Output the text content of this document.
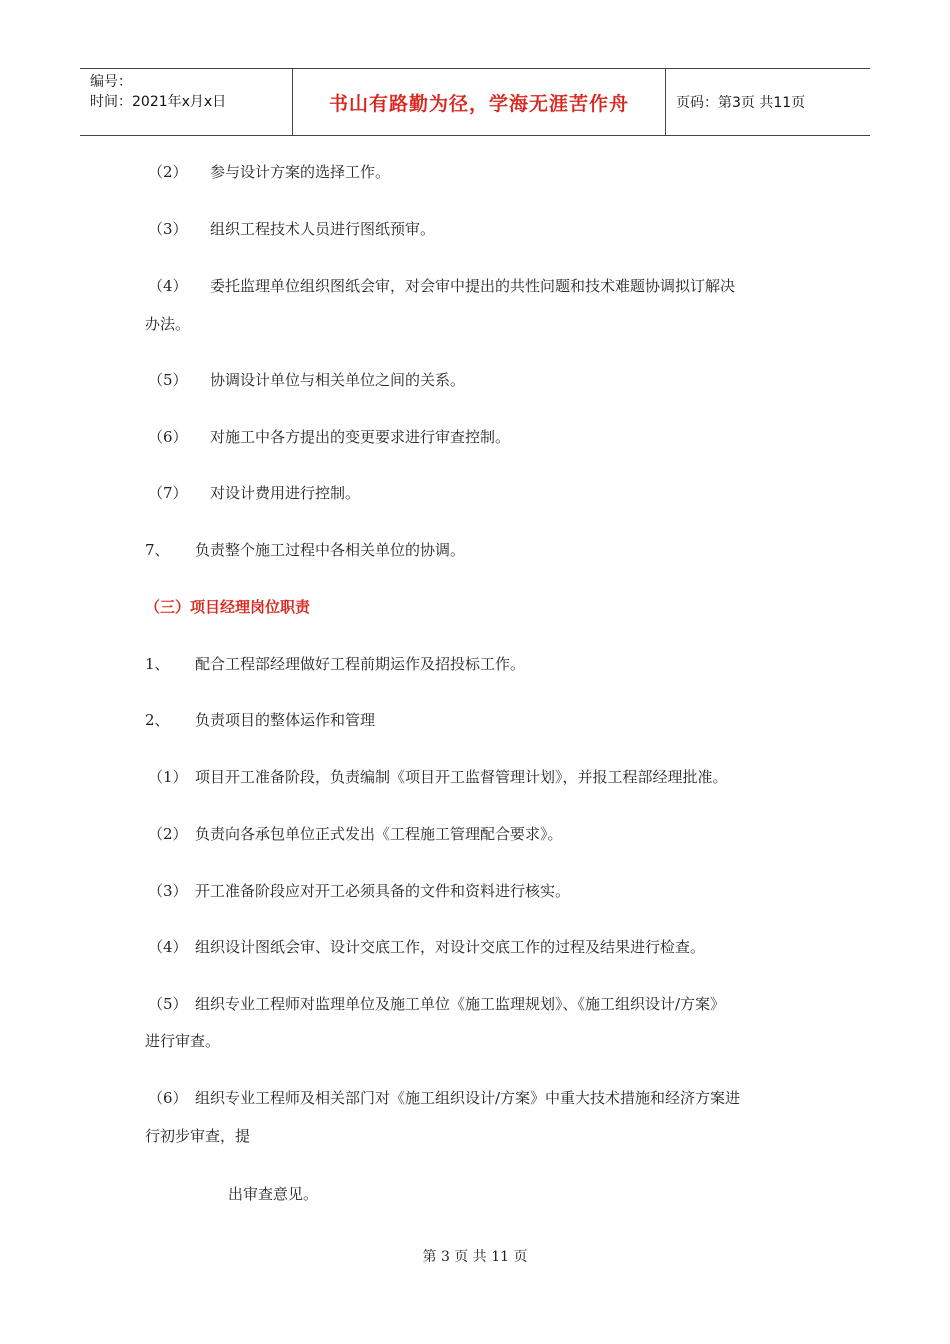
编号：
时间：2021年x月x日	书山有路勤为径，学海无涯苦作舟	页码：第3页 共11页
（2） 参与设计方案的选择工作。
（3） 组织工程技术人员进行图纸预审。
（4） 委托监理单位组织图纸会审，对会审中提出的共性问题和技术难题协调拟订解决
办法。
（5） 协调设计单位与相关单位之间的关系。
（6） 对施工中各方提出的变更要求进行审查控制。
（7） 对设计费用进行控制。
7、 负责整个施工过程中各相关单位的协调。
（三）项目经理岗位职责
1、 配合工程部经理做好工程前期运作及招投标工作。
2、 负责项目的整体运作和管理
（1） 项目开工准备阶段，负责编制《项目开工监督管理计划》，并报工程部经理批准。
（2） 负责向各承包单位正式发出《工程施工管理配合要求》。
（3） 开工准备阶段应对开工必须具备的文件和资料进行核实。
（4） 组织设计图纸会审、设计交底工作，对设计交底工作的过程及结果进行检查。
（5） 组织专业工程师对监理单位及施工单位《施工监理规划》、《施工组织设计/方案》
进行审查。
（6） 组织专业工程师及相关部门对《施工组织设计/方案》中重大技术措施和经济方案进
行初步审查，提
出审查意见。
第 3 页 共 11 页
